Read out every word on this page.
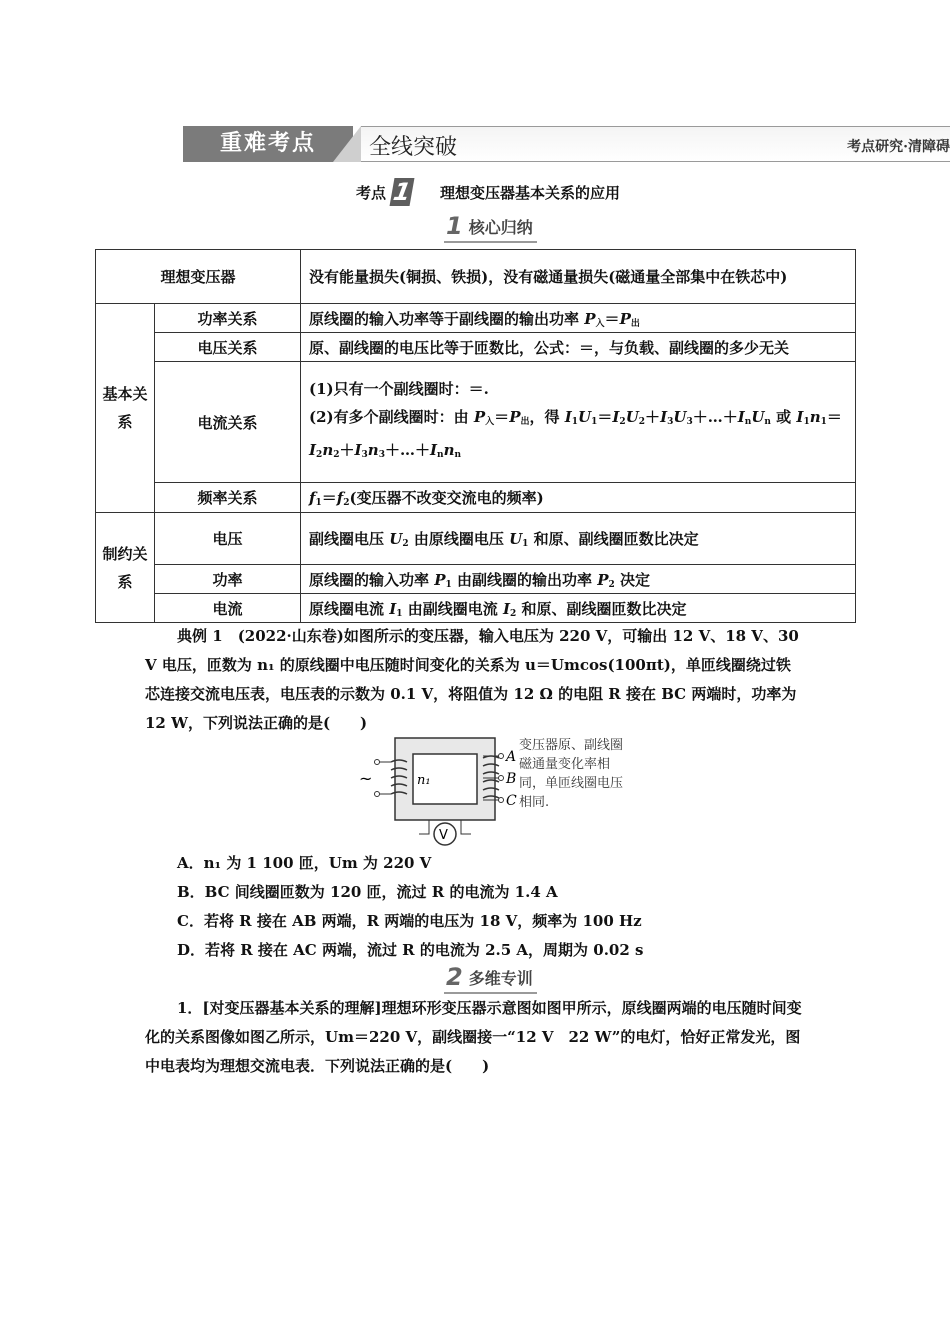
重难考点	全线突破	考点研究·清障碍
考点 1 理想变压器基本关系的应用
1 核心归纳
理想变压器		没有能量损失(铜损、铁损)，没有磁通量损失(磁通量全部集中在铁芯中)
基本关系	功率关系	原线圈的输入功率等于副线圈的输出功率 $P_入=P_出$
	电压关系	原、副线圈的电压比等于匝数比，公式：＝，与负载、副线圈的多少无关
	电流关系	(1)只有一个副线圈时：＝.
(2)有多个副线圈时：由 $P_入=P_出$，得 $I_1U_1=I_2U_2+I_3U_3+\dots+I_nU_n$ 或 $I_1n_1=$
$I_2n_2+I_3n_3+\dots+I_nn_n$

	频率关系	$f_1=f_2$(变压器不改变交流电的频率)
制约关系	电压	副线圈电压 $U_2$ 由原线圈电压 $U_1$ 和原、副线圈匝数比决定
	功率	原线圈的输入功率 $P_1$ 由副线圈的输出功率 $P_2$ 决定
	电流	原线圈电流 $I_1$ 由副线圈电流 $I_2$ 和原、副线圈匝数比决定
典例 1　 (2022·山东卷)如图所示的变压器，输入电压为 220 V，可输出 12 V、18 V、30 V 电压，匝数为 n₁ 的原线圈中电压随时间变化的关系为 u＝Umcos(100πt)，单匝线圈绕过铁芯连接交流电压表，电压表的示数为 0.1 V，将阻值为 12 Ω 的电阻 R 接在 BC 两端时，功率为 12 W，下列说法正确的是(　　)
A
B
C
~	n₁
V
变压器原、副线圈磁通量变化率相同，单匝线圈电压相同.
A．n₁ 为 1 100 匝，Um 为 220 V
B．BC 间线圈匝数为 120 匝，流过 R 的电流为 1.4 A
C．若将 R 接在 AB 两端，R 两端的电压为 18 V，频率为 100 Hz
D．若将 R 接在 AC 两端，流过 R 的电流为 2.5 A，周期为 0.02 s
2 多维专训
1．[对变压器基本关系的理解]理想环形变压器示意图如图甲所示，原线圈两端的电压随时间变化的关系图像如图乙所示，Um＝220 V，副线圈接一“12 V　22 W”的电灯，恰好正常发光，图中电表均为理想交流电表．下列说法正确的是(　　)
